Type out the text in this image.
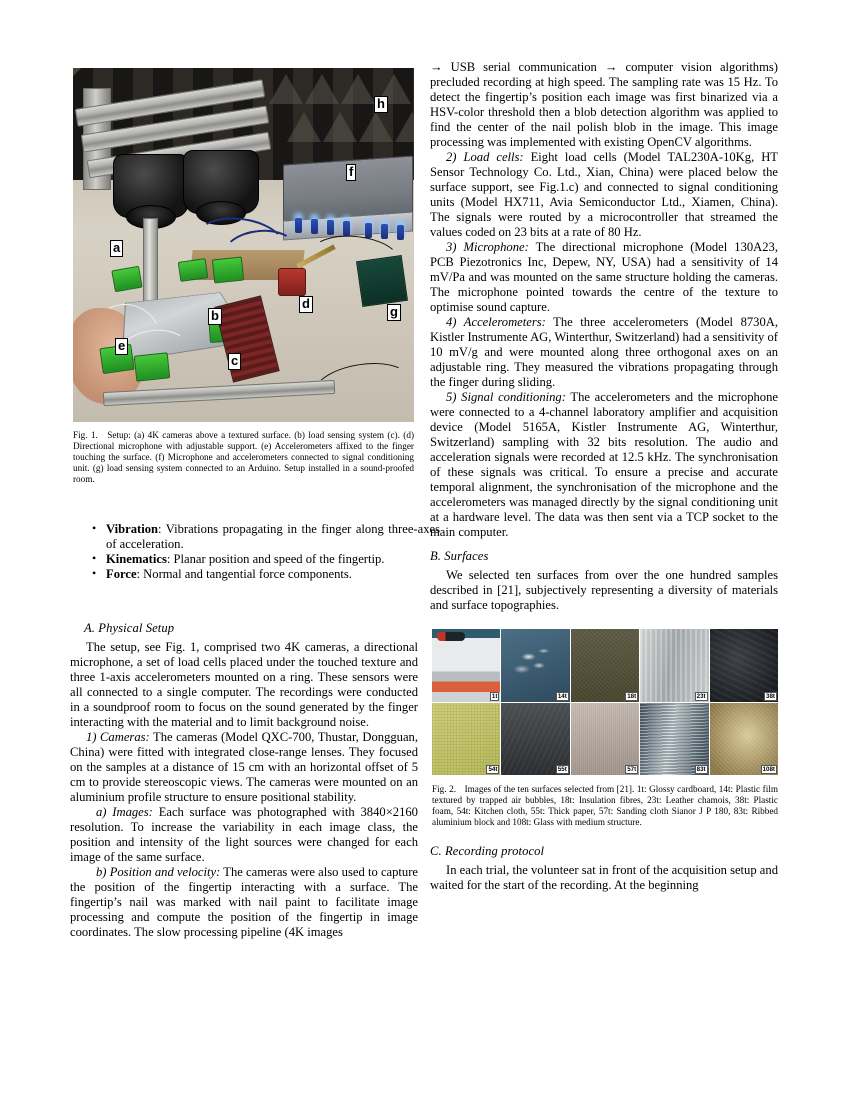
a
b
c
d
e
f
g
h

Fig. 1. Setup: (a) 4K cameras above a textured surface. (b) load sensing system (c). (d) Directional microphone with adjustable support. (e) Accelerometers affixed to the finger touching the surface. (f) Microphone and accelerometers connected to signal conditioning unit. (g) load sensing system connected to an Arduino. Setup installed in a sound-proofed room.

• Vibration: Vibrations propagating in the finger along three-axes of acceleration.
• Kinematics: Planar position and speed of the fingertip.
• Force: Normal and tangential force components.
A. Physical Setup

The setup, see Fig. 1, comprised two 4K cameras, a directional microphone, a set of load cells placed under the touched texture and three 1-axis accelerometers mounted on a ring. These sensors were all connected to a single computer. The recordings were conducted in a soundproof room to focus on the sound generated by the finger interacting with the material and to limit background noise.

1) Cameras: The cameras (Model QXC-700, Thustar, Dongguan, China) were fitted with integrated close-range lenses. They focused on the samples at a distance of 15 cm with an horizontal offset of 5 cm to provide stereoscopic views. The cameras were mounted on an aluminium profile structure to ensure positional stability.

a) Images: Each surface was photographed with 3840×2160 resolution. To increase the variability in each image class, the position and intensity of the light sources were changed for each image of the same surface.

b) Position and velocity: The cameras were also used to capture the position of the fingertip interacting with a surface. The fingertip’s nail was marked with nail paint to facilitate image processing and compute the position of the fingertip in image coordinates. The slow processing pipeline (4K images

→ USB serial communication → computer vision algorithms) precluded recording at high speed. The sampling rate was 15 Hz. To detect the fingertip’s position each image was first binarized via a HSV-color threshold then a blob detection algorithm was applied to find the center of the nail polish blob in the image. This image processing was implemented with existing OpenCV algorithms.

2) Load cells: Eight load cells (Model TAL230A-10Kg, HT Sensor Technology Co. Ltd., Xian, China) were placed below the surface support, see Fig.1.c) and connected to signal conditioning units (Model HX711, Avia Semiconductor Ltd., Xiamen, China). The signals were routed by a microcontroller that streamed the values coded on 23 bits at a rate of 80 Hz.

3) Microphone: The directional microphone (Model 130A23, PCB Piezotronics Inc, Depew, NY, USA) had a sensitivity of 14 mV/Pa and was mounted on the same structure holding the cameras. The microphone pointed towards the centre of the texture to optimise sound capture.

4) Accelerometers: The three accelerometers (Model 8730A, Kistler Instrumente AG, Winterthur, Switzerland) had a sensitivity of 10 mV/g and were mounted along three orthogonal axes on an adjustable ring. They measured the vibrations propagating through the finger during sliding.

5) Signal conditioning: The accelerometers and the microphone were connected to a 4-channel laboratory amplifier and acquisition device (Model 5165A, Kistler Instrumente AG, Winterthur, Switzerland) sampling with 32 bits resolution. The audio and acceleration signals were recorded at 12.5 kHz. The synchronisation of these signals was critical. To ensure a precise and accurate temporal alignment, the synchronisation of the microphone and the accelerometers was managed directly by the signal conditioning unit at a hardware level. The data was then sent via a TCP socket to the main computer.

B. Surfaces

We selected ten surfaces from over the one hundred samples described in [21], subjectively representing a diversity of materials and surface topographies.

1t	14t	18t	23t	38t
54t	55t	57t	83t	108t

Fig. 2. Images of the ten surfaces selected from [21]. 1t: Glossy cardboard, 14t: Plastic film textured by trapped air bubbles, 18t: Insulation fibres, 23t: Leather chamois, 38t: Plastic foam, 54t: Kitchen cloth, 55t: Thick paper, 57t: Sanding cloth Sianor J P 180, 83t: Ribbed aluminium block and 108t: Glass with medium structure.

C. Recording protocol

In each trial, the volunteer sat in front of the acquisition setup and waited for the start of the recording. At the beginning
